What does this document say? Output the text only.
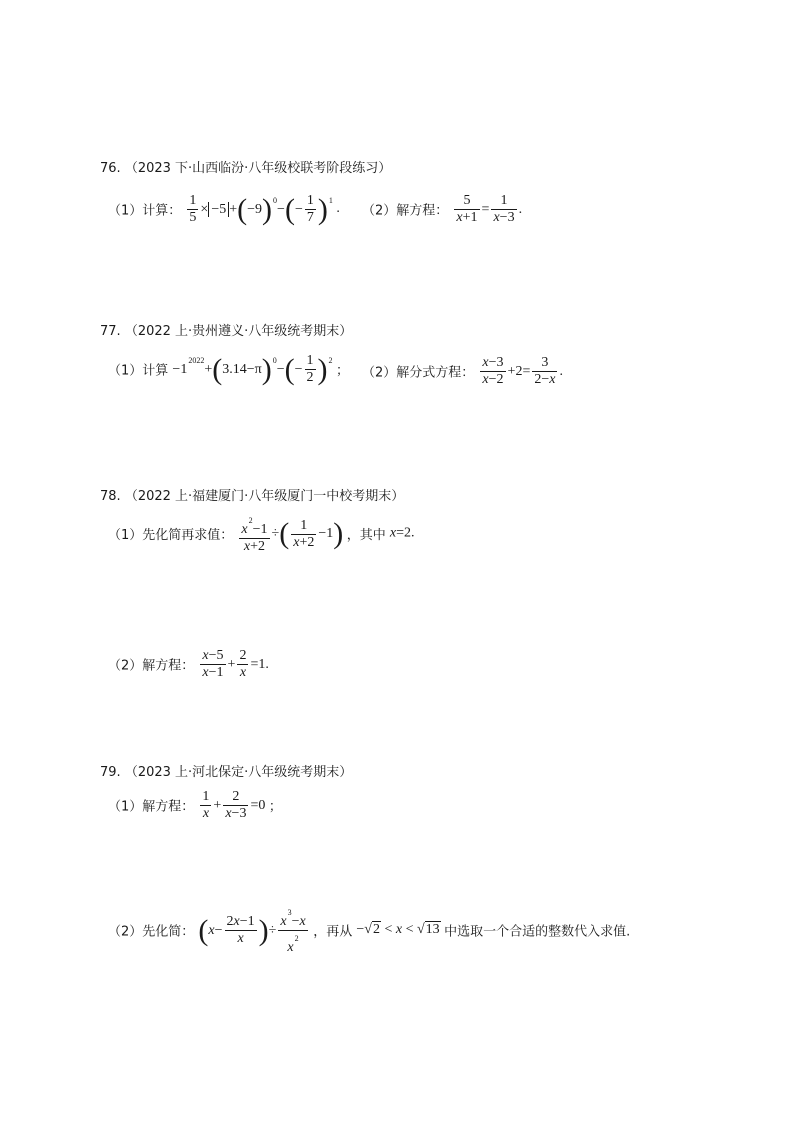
76. （2023 下·山西临汾·八年级校联考阶段练习）
（1）计算： $\frac{1}{5} \times -5 +(-9)^0-(- \frac{1}{7} )^1$ . （2）解方程： $\frac{5}{x+1} = \frac{1}{x-3}$ .
77. （2022 上·贵州遵义·八年级统考期末）
（1）计算 $-1^{2022}+(3.14-\pi)^0-(- \frac{1}{2} )^2$ ； （2）解分式方程： $\frac{x-3}{x-2} +2= \frac{3}{2-x}$ .
78. （2022 上·福建厦门·八年级厦门一中校考期末）
（1）先化简再求值： $\frac{x^2-1}{x+2}$ ÷( $\frac{1}{x+2} -1$) ，其中 x=2.
（2）解方程： $\frac{x-5}{x-1} + \frac{2}{x} =1$.
79. （2023 上·河北保定·八年级统考期末）
（1）解方程： $\frac{1}{x} + \frac{2}{x-3} =0$ ；
（2）先化简： ($x- \frac{2x-1}{x}$ )÷ $\frac{x^3-x}{x^2}$ ，再从 −√2 < x < √13 中选取一个合适的整数代入求值.
